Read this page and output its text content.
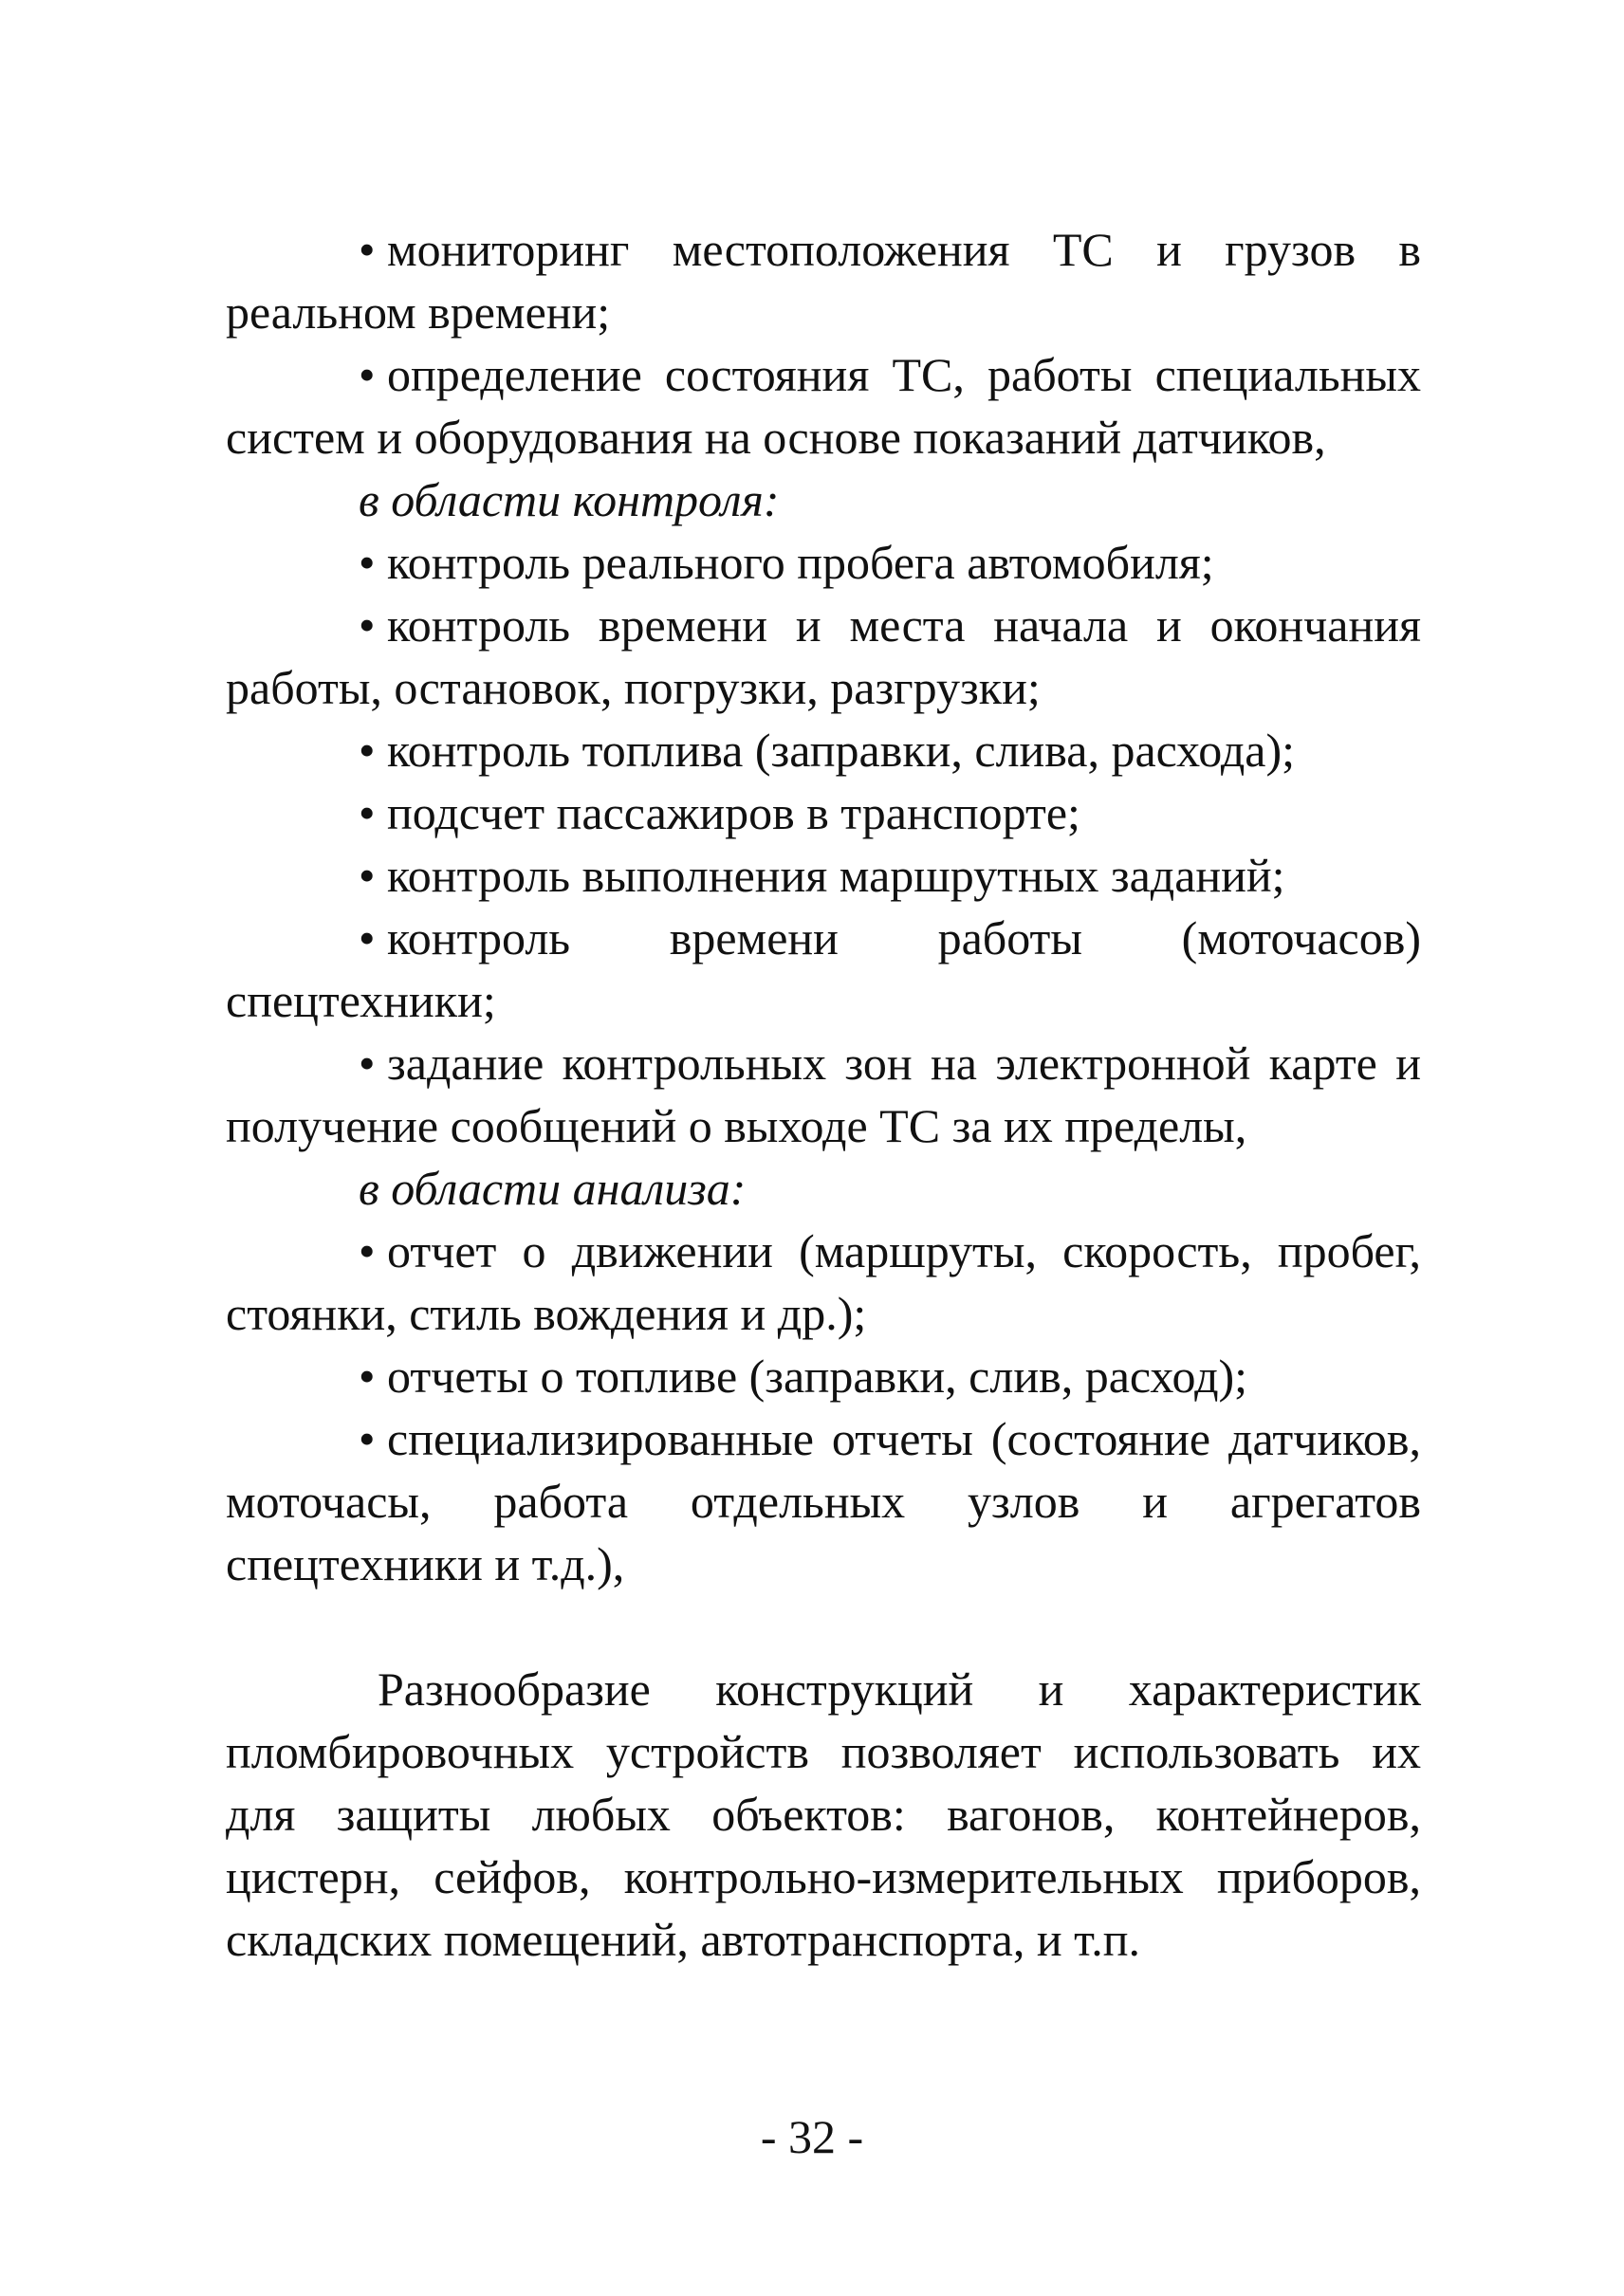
• мониторинг местоположения ТС и грузов в реальном времени;

• определение состояния ТС, работы специальных систем и оборудования на основе показаний датчиков,

в области контроля:

• контроль реального пробега автомобиля;

• контроль времени и места начала и окончания работы, остановок, погрузки, разгрузки;

• контроль топлива (заправки, слива, расхода);

• подсчет пассажиров в транспорте;

• контроль выполнения маршрутных заданий;

• контроль времени работы (моточасов) спецтехники;

• задание контрольных зон на электронной карте и получение сообщений о выходе ТС за их пределы,

в области анализа:

• отчет о движении (маршруты, скорость, пробег, стоянки, стиль вождения и др.);

• отчеты о топливе (заправки, слив, расход);

• специализированные отчеты (состояние датчиков, моточасы, работа отдельных узлов и агрегатов спецтехники и т.д.),

Разнообразие конструкций и характеристик пломбировочных устройств позволяет использовать их для защиты любых объектов: вагонов, контейнеров, цистерн, сейфов, контрольно-измерительных приборов, складских помещений, автотранспорта, и т.п.

- 32 -
